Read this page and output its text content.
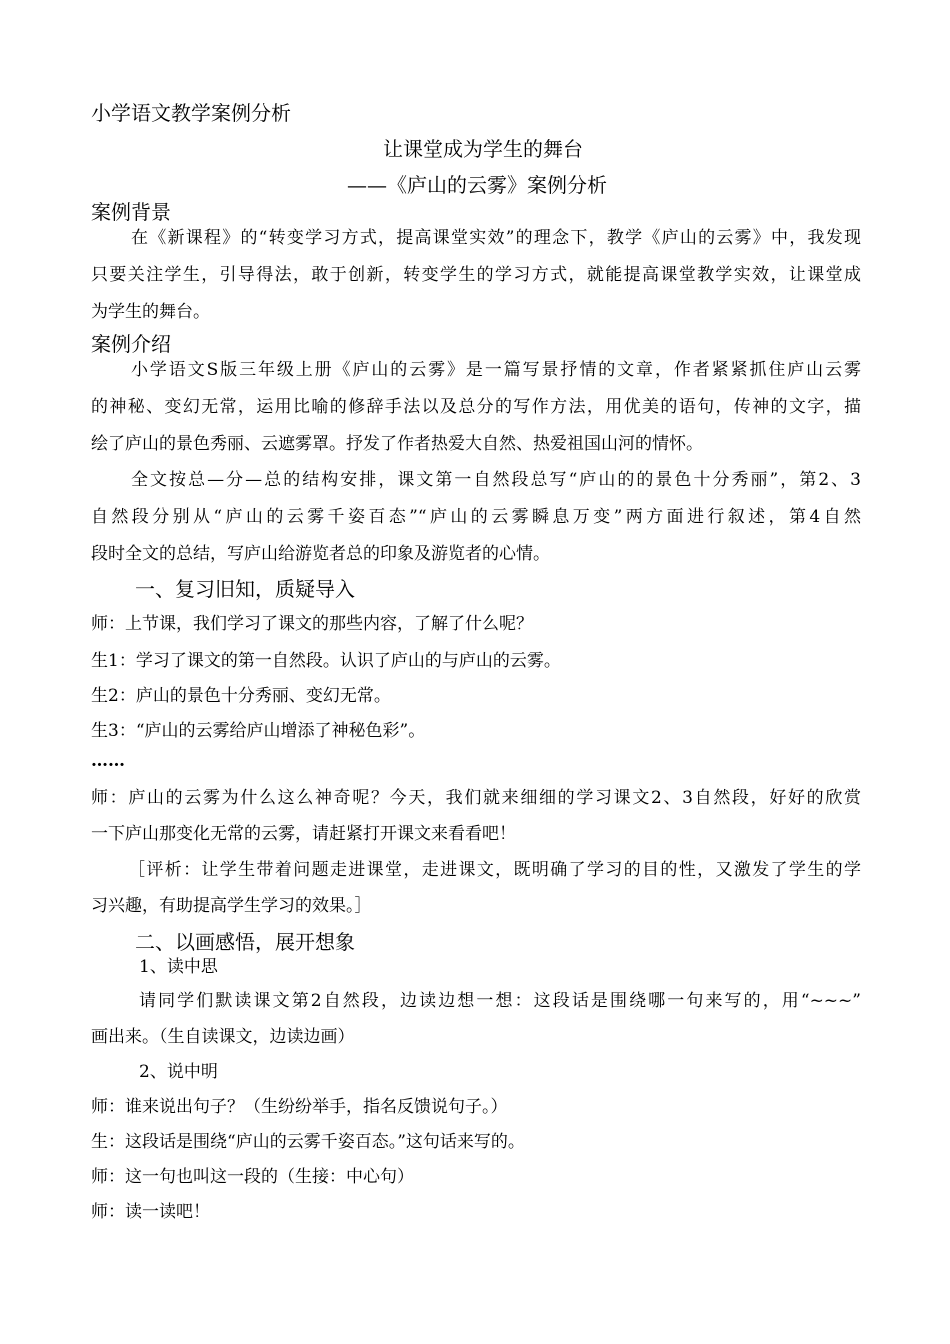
小学语文教学案例分析
让课堂成为学生的舞台
——《庐山的云雾》案例分析
案例背景
在《新课程》的“转变学习方式，提高课堂实效”的理念下，教学《庐山的云雾》中，我发现
只要关注学生，引导得法，敢于创新，转变学生的学习方式，就能提高课堂教学实效，让课堂成
为学生的舞台。
案例介绍
小学语文S版三年级上册《庐山的云雾》是一篇写景抒情的文章，作者紧紧抓住庐山云雾
的神秘、变幻无常，运用比喻的修辞手法以及总分的写作方法，用优美的语句，传神的文字，描
绘了庐山的景色秀丽、云遮雾罩。抒发了作者热爱大自然、热爱祖国山河的情怀。
全文按总—分—总的结构安排，课文第一自然段总写“庐山的的景色十分秀丽”，第2、3
自然段分别从“庐山的云雾千姿百态”“庐山的云雾瞬息万变”两方面进行叙述，第4自然
段时全文的总结，写庐山给游览者总的印象及游览者的心情。
一、复习旧知，质疑导入
师：上节课，我们学习了课文的那些内容，了解了什么呢？
生1：学习了课文的第一自然段。认识了庐山的与庐山的云雾。
生2：庐山的景色十分秀丽、变幻无常。
生3：“庐山的云雾给庐山增添了神秘色彩”。
……
师：庐山的云雾为什么这么神奇呢？今天，我们就来细细的学习课文2、3自然段，好好的欣赏
一下庐山那变化无常的云雾，请赶紧打开课文来看看吧！
［评析：让学生带着问题走进课堂，走进课文，既明确了学习的目的性，又激发了学生的学
习兴趣，有助提高学生学习的效果。］
二、以画感悟，展开想象
1、读中思
请同学们默读课文第2自然段，边读边想一想：这段话是围绕哪一句来写的，用“~~~”
画出来。（生自读课文，边读边画）
2、说中明
师：谁来说出句子？（生纷纷举手，指名反馈说句子。）
生：这段话是围绕“庐山的云雾千姿百态。”这句话来写的。
师：这一句也叫这一段的（生接：中心句）
师：读一读吧！
